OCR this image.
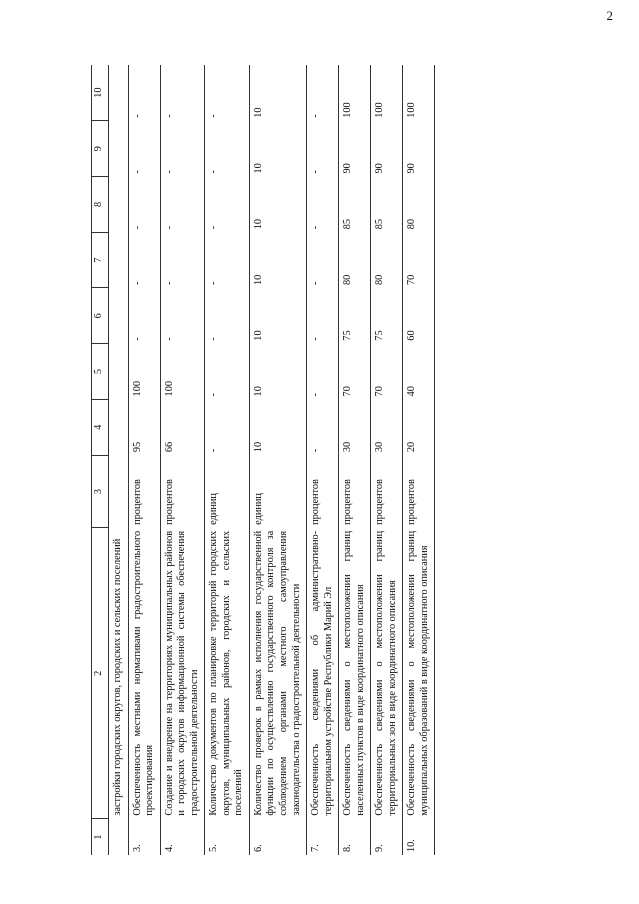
2
1	2	3	4	5	6	7	8	9	10
	застройки городских округов, городских и сельских поселений								
3.	Обеспеченность местными нормативами градостроительного проектирования	процентов	95	100	-	-	-	-	-
4.	Создание и внедрение на территориях муниципальных районов и городских округов информационной системы обеспечения градостроительной деятельности	процентов	66	100	-	-	-	-	-
5.	Количество документов по планировке территорий городских округов, муниципальных районов, городских и сельских поселений	единиц	-	-	-	-	-	-	-
6.	Количество проверок в рамках исполнения государственной функции по осуществлению государственного контроля за соблюдением органами местного самоуправления законодательства о градостроительной деятельности	единиц	10	10	10	10	10	10	10
7.	Обеспеченность сведениями об административно-территориальном устройстве Республики Марий Эл	процентов	-	-	-	-	-	-	-
8.	Обеспеченность сведениями о местоположении границ населенных пунктов в виде координатного описания	процентов	30	70	75	80	85	90	100
9.	Обеспеченность сведениями о местоположении границ территориальных зон в виде координатного описания	процентов	30	70	75	80	85	90	100
10.	Обеспеченность сведениями о местоположении границ муниципальных образований в виде координатного описания	процентов	20	40	60	70	80	90	100
